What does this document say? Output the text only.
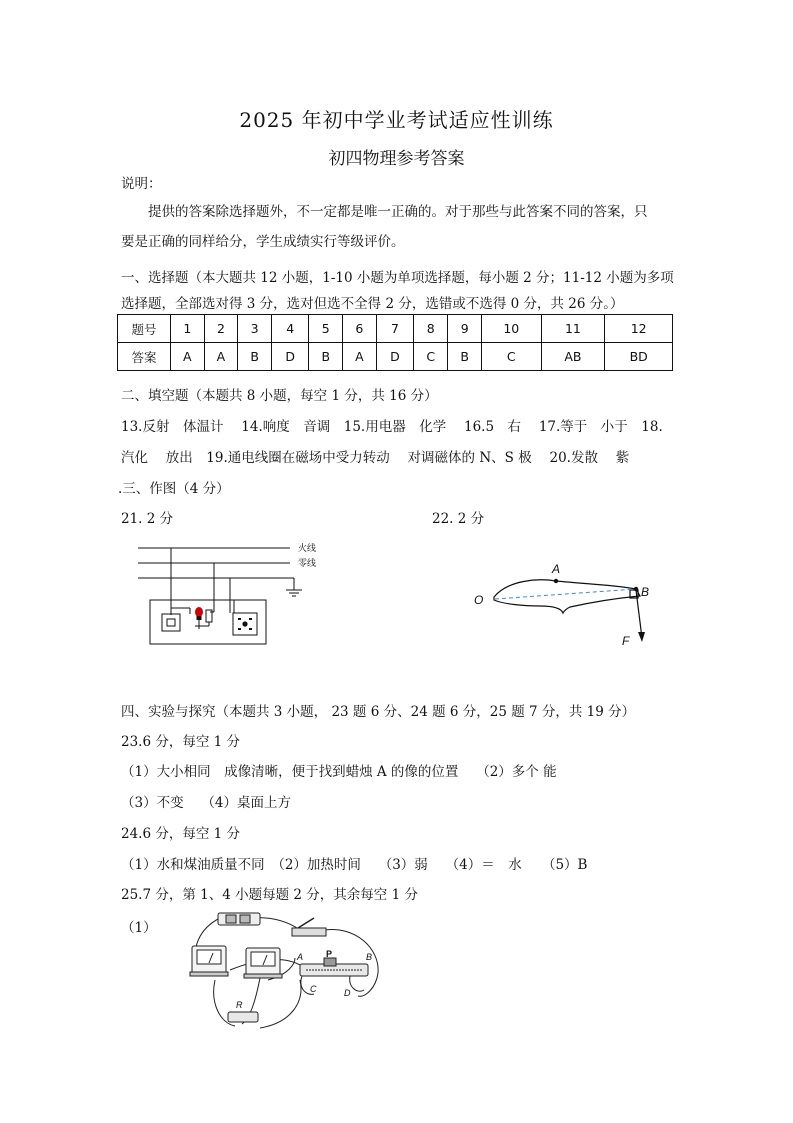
2025 年初中学业考试适应性训练
初四物理参考答案
说明：
提供的答案除选择题外，不一定都是唯一正确的。对于那些与此答案不同的答案，只
要是正确的同样给分，学生成绩实行等级评价。
一、选择题（本大题共 12 小题，1-10 小题为单项选择题，每小题 2 分；11-12 小题为多项
选择题，全部选对得 3 分，选对但选不全得 2 分，选错或不选得 0 分，共 26 分。）
题号	1	2	3	4	5	6	7	8	9	10	11	12
答案	A	A	B	D	B	A	D	C	B	C	AB	BD
二、填空题（本题共 8 小题，每空 1 分，共 16 分）
13.反射　体温计　 14.响度　音调　15.用电器　化学　 16.5　右　 17.等于　小于　18.
汽化　 放出　19.通电线圈在磁场中受力转动　 对调磁体的 N、S 极　 20.发散　 紫
.三、作图（4 分）
21. 2 分	22. 2 分
火线
零线	A
B
O
F
四、实验与探究（本题共 3 小题， 23 题 6 分、24 题 6 分，25 题 7 分，共 19 分）
23.6 分，每空 1 分
（1）大小相同　成像清晰，便于找到蜡烛 A 的像的位置　 （2）多个 能
（3）不变　 （4）桌面上方
24.6 分，每空 1 分
（1）水和煤油质量不同　（2）加热时间　 （3）弱　 （4）＝　水　　（5）B
25.7 分，第 1、4 小题每题 2 分，其余每空 1 分
（1）
A	P	B
C	D
R
